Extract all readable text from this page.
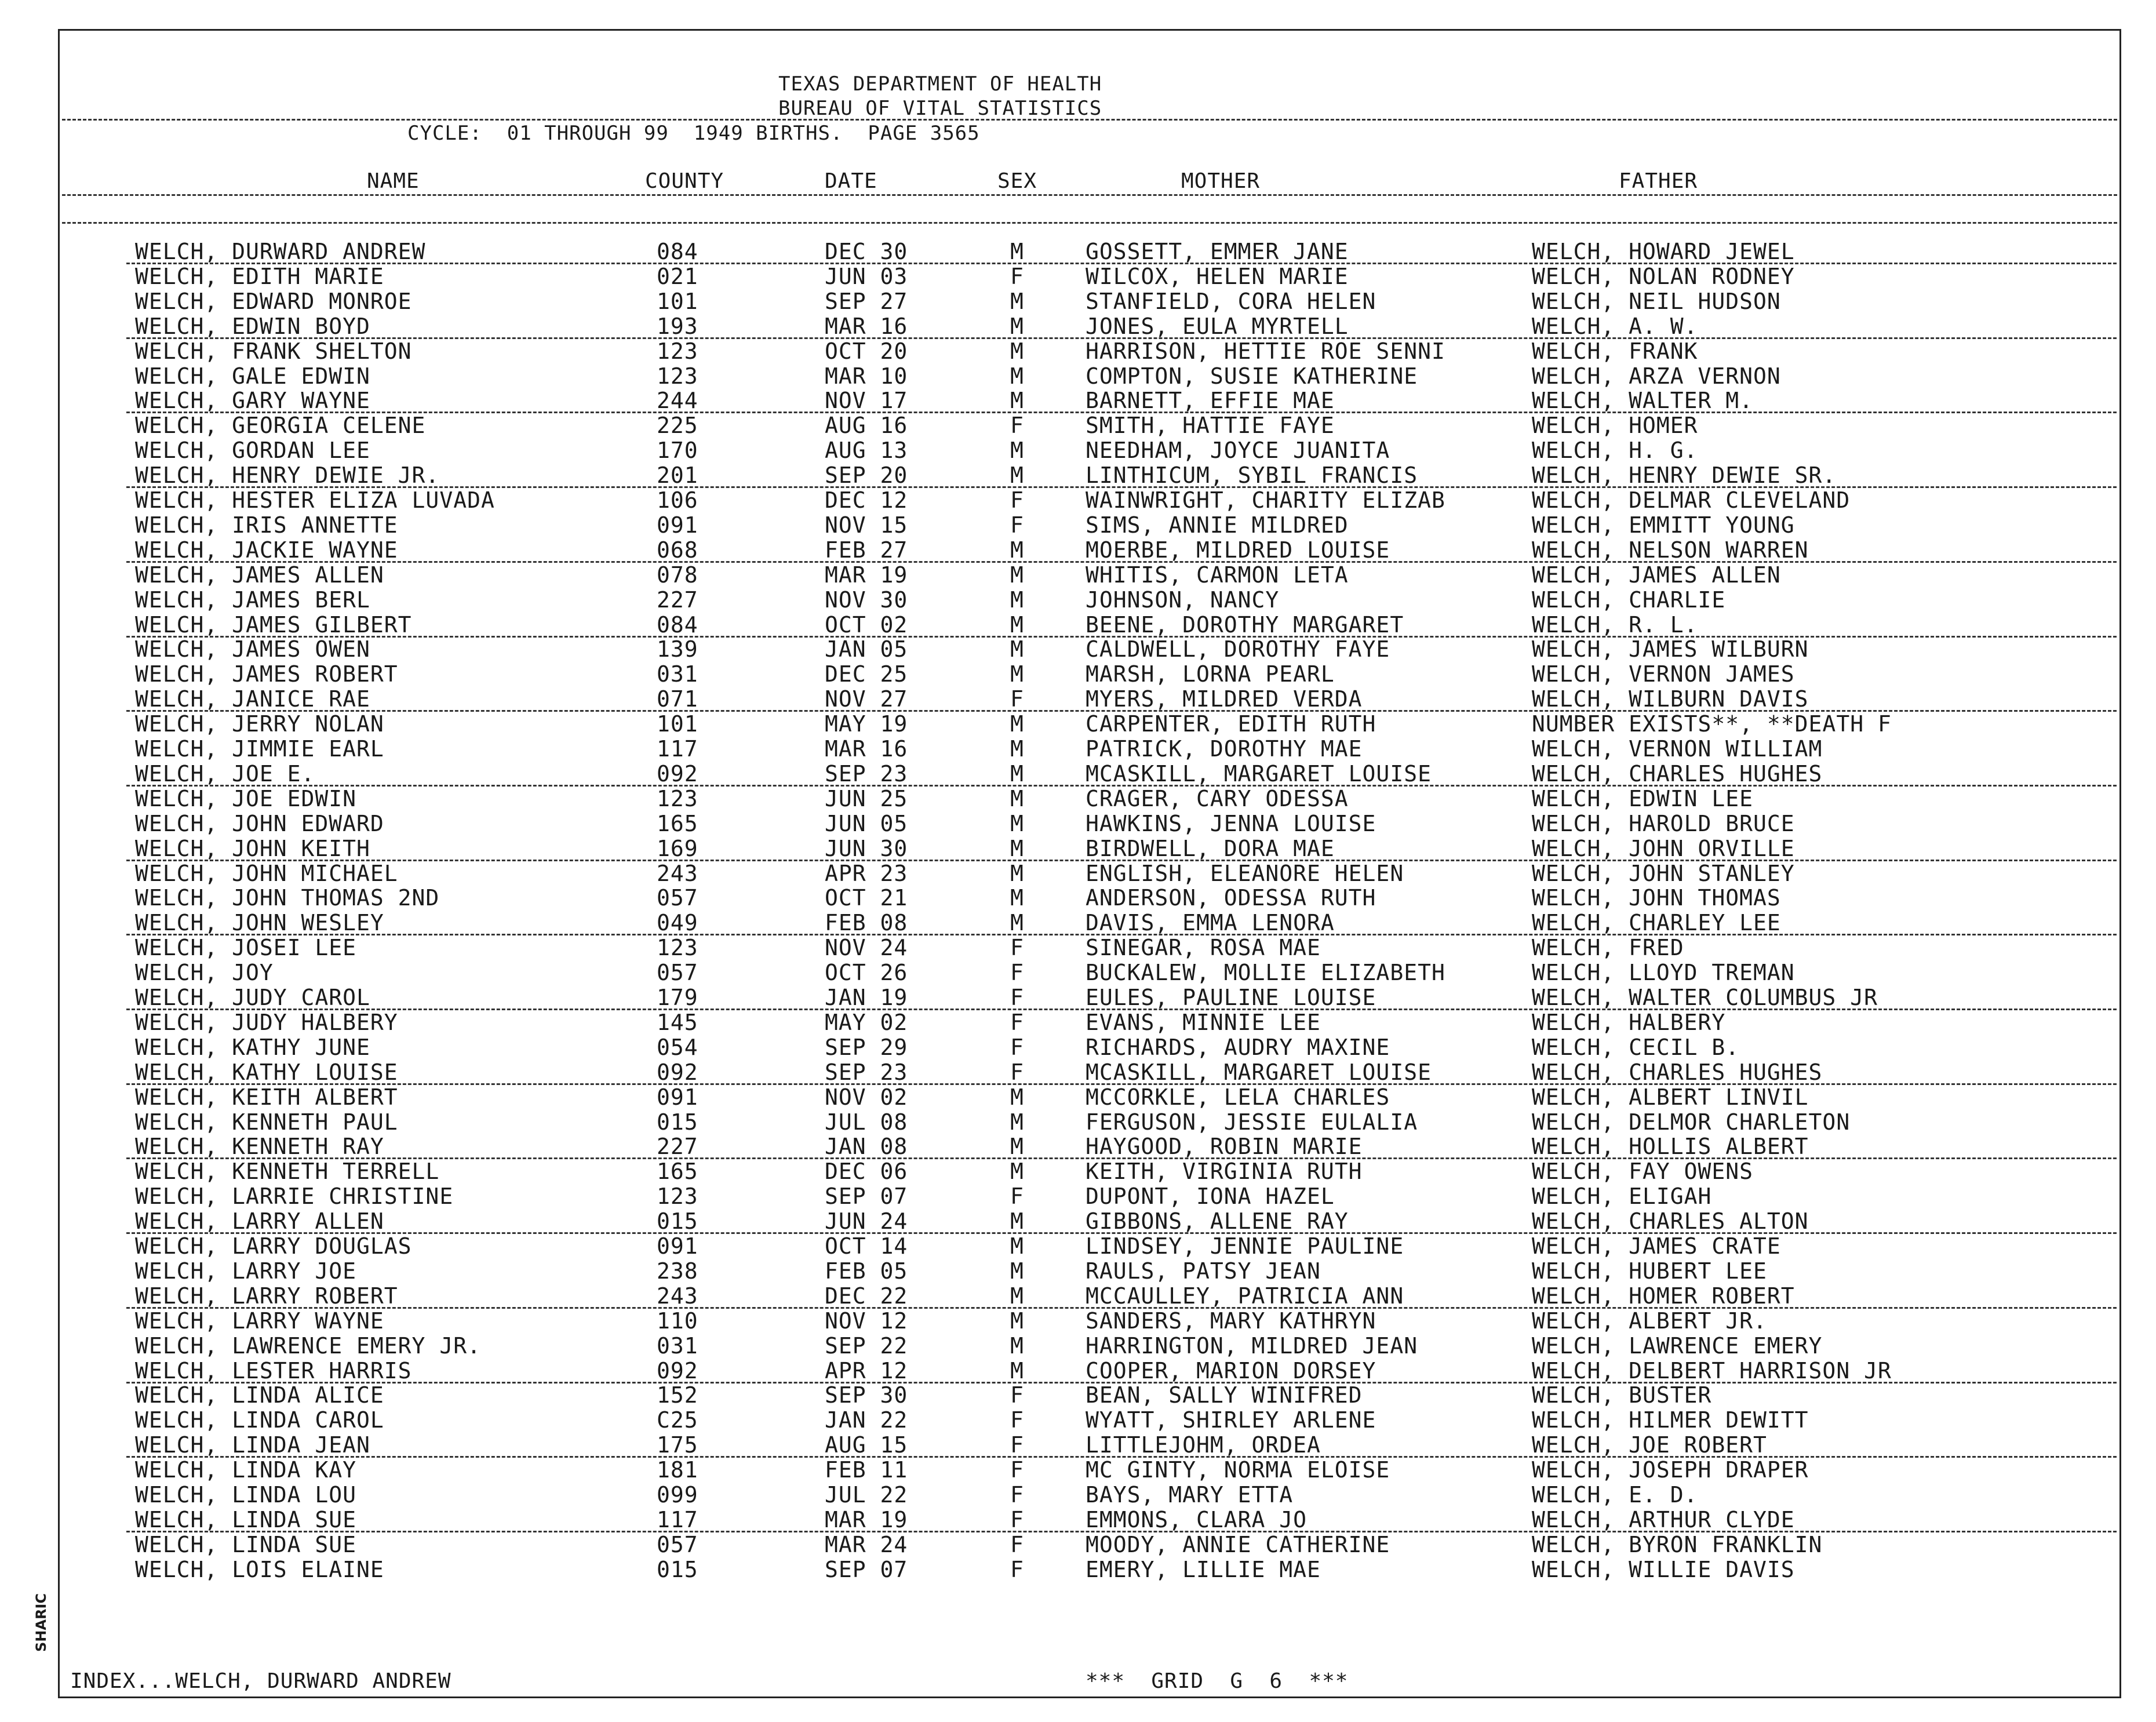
SHARIC
TEXAS DEPARTMENT OF HEALTH
BUREAU OF VITAL STATISTICS
CYCLE:  01 THROUGH 99  1949 BIRTHS.  PAGE 3565
NAME	COUNTY	DATE	SEX	MOTHER	FATHER
WELCH, DURWARD ANDREW	084	DEC 30	M	GOSSETT, EMMER JANE	WELCH, HOWARD JEWEL
WELCH, EDITH MARIE	021	JUN 03	F	WILCOX, HELEN MARIE	WELCH, NOLAN RODNEY
WELCH, EDWARD MONROE	101	SEP 27	M	STANFIELD, CORA HELEN	WELCH, NEIL HUDSON
WELCH, EDWIN BOYD	193	MAR 16	M	JONES, EULA MYRTELL	WELCH, A. W.
WELCH, FRANK SHELTON	123	OCT 20	M	HARRISON, HETTIE ROE SENNI	WELCH, FRANK
WELCH, GALE EDWIN	123	MAR 10	M	COMPTON, SUSIE KATHERINE	WELCH, ARZA VERNON
WELCH, GARY WAYNE	244	NOV 17	M	BARNETT, EFFIE MAE	WELCH, WALTER M.
WELCH, GEORGIA CELENE	225	AUG 16	F	SMITH, HATTIE FAYE	WELCH, HOMER
WELCH, GORDAN LEE	170	AUG 13	M	NEEDHAM, JOYCE JUANITA	WELCH, H. G.
WELCH, HENRY DEWIE JR.	201	SEP 20	M	LINTHICUM, SYBIL FRANCIS	WELCH, HENRY DEWIE SR.
WELCH, HESTER ELIZA LUVADA	106	DEC 12	F	WAINWRIGHT, CHARITY ELIZAB	WELCH, DELMAR CLEVELAND
WELCH, IRIS ANNETTE	091	NOV 15	F	SIMS, ANNIE MILDRED	WELCH, EMMITT YOUNG
WELCH, JACKIE WAYNE	068	FEB 27	M	MOERBE, MILDRED LOUISE	WELCH, NELSON WARREN
WELCH, JAMES ALLEN	078	MAR 19	M	WHITIS, CARMON LETA	WELCH, JAMES ALLEN
WELCH, JAMES BERL	227	NOV 30	M	JOHNSON, NANCY	WELCH, CHARLIE
WELCH, JAMES GILBERT	084	OCT 02	M	BEENE, DOROTHY MARGARET	WELCH, R. L.
WELCH, JAMES OWEN	139	JAN 05	M	CALDWELL, DOROTHY FAYE	WELCH, JAMES WILBURN
WELCH, JAMES ROBERT	031	DEC 25	M	MARSH, LORNA PEARL	WELCH, VERNON JAMES
WELCH, JANICE RAE	071	NOV 27	F	MYERS, MILDRED VERDA	WELCH, WILBURN DAVIS
WELCH, JERRY NOLAN	101	MAY 19	M	CARPENTER, EDITH RUTH	NUMBER EXISTS**, **DEATH F
WELCH, JIMMIE EARL	117	MAR 16	M	PATRICK, DOROTHY MAE	WELCH, VERNON WILLIAM
WELCH, JOE E.	092	SEP 23	M	MCASKILL, MARGARET LOUISE	WELCH, CHARLES HUGHES
WELCH, JOE EDWIN	123	JUN 25	M	CRAGER, CARY ODESSA	WELCH, EDWIN LEE
WELCH, JOHN EDWARD	165	JUN 05	M	HAWKINS, JENNA LOUISE	WELCH, HAROLD BRUCE
WELCH, JOHN KEITH	169	JUN 30	M	BIRDWELL, DORA MAE	WELCH, JOHN ORVILLE
WELCH, JOHN MICHAEL	243	APR 23	M	ENGLISH, ELEANORE HELEN	WELCH, JOHN STANLEY
WELCH, JOHN THOMAS 2ND	057	OCT 21	M	ANDERSON, ODESSA RUTH	WELCH, JOHN THOMAS
WELCH, JOHN WESLEY	049	FEB 08	M	DAVIS, EMMA LENORA	WELCH, CHARLEY LEE
WELCH, JOSEI LEE	123	NOV 24	F	SINEGAR, ROSA MAE	WELCH, FRED
WELCH, JOY	057	OCT 26	F	BUCKALEW, MOLLIE ELIZABETH	WELCH, LLOYD TREMAN
WELCH, JUDY CAROL	179	JAN 19	F	EULES, PAULINE LOUISE	WELCH, WALTER COLUMBUS JR
WELCH, JUDY HALBERY	145	MAY 02	F	EVANS, MINNIE LEE	WELCH, HALBERY
WELCH, KATHY JUNE	054	SEP 29	F	RICHARDS, AUDRY MAXINE	WELCH, CECIL B.
WELCH, KATHY LOUISE	092	SEP 23	F	MCASKILL, MARGARET LOUISE	WELCH, CHARLES HUGHES
WELCH, KEITH ALBERT	091	NOV 02	M	MCCORKLE, LELA CHARLES	WELCH, ALBERT LINVIL
WELCH, KENNETH PAUL	015	JUL 08	M	FERGUSON, JESSIE EULALIA	WELCH, DELMOR CHARLETON
WELCH, KENNETH RAY	227	JAN 08	M	HAYGOOD, ROBIN MARIE	WELCH, HOLLIS ALBERT
WELCH, KENNETH TERRELL	165	DEC 06	M	KEITH, VIRGINIA RUTH	WELCH, FAY OWENS
WELCH, LARRIE CHRISTINE	123	SEP 07	F	DUPONT, IONA HAZEL	WELCH, ELIGAH
WELCH, LARRY ALLEN	015	JUN 24	M	GIBBONS, ALLENE RAY	WELCH, CHARLES ALTON
WELCH, LARRY DOUGLAS	091	OCT 14	M	LINDSEY, JENNIE PAULINE	WELCH, JAMES CRATE
WELCH, LARRY JOE	238	FEB 05	M	RAULS, PATSY JEAN	WELCH, HUBERT LEE
WELCH, LARRY ROBERT	243	DEC 22	M	MCCAULLEY, PATRICIA ANN	WELCH, HOMER ROBERT
WELCH, LARRY WAYNE	110	NOV 12	M	SANDERS, MARY KATHRYN	WELCH, ALBERT JR.
WELCH, LAWRENCE EMERY JR.	031	SEP 22	M	HARRINGTON, MILDRED JEAN	WELCH, LAWRENCE EMERY
WELCH, LESTER HARRIS	092	APR 12	M	COOPER, MARION DORSEY	WELCH, DELBERT HARRISON JR
WELCH, LINDA ALICE	152	SEP 30	F	BEAN, SALLY WINIFRED	WELCH, BUSTER
WELCH, LINDA CAROL	C25	JAN 22	F	WYATT, SHIRLEY ARLENE	WELCH, HILMER DEWITT
WELCH, LINDA JEAN	175	AUG 15	F	LITTLEJOHM, ORDEA	WELCH, JOE ROBERT
WELCH, LINDA KAY	181	FEB 11	F	MC GINTY, NORMA ELOISE	WELCH, JOSEPH DRAPER
WELCH, LINDA LOU	099	JUL 22	F	BAYS, MARY ETTA	WELCH, E. D.
WELCH, LINDA SUE	117	MAR 19	F	EMMONS, CLARA JO	WELCH, ARTHUR CLYDE
WELCH, LINDA SUE	057	MAR 24	F	MOODY, ANNIE CATHERINE	WELCH, BYRON FRANKLIN
WELCH, LOIS ELAINE	015	SEP 07	F	EMERY, LILLIE MAE	WELCH, WILLIE DAVIS
INDEX...WELCH, DURWARD ANDREW	***  GRID  G  6  ***
